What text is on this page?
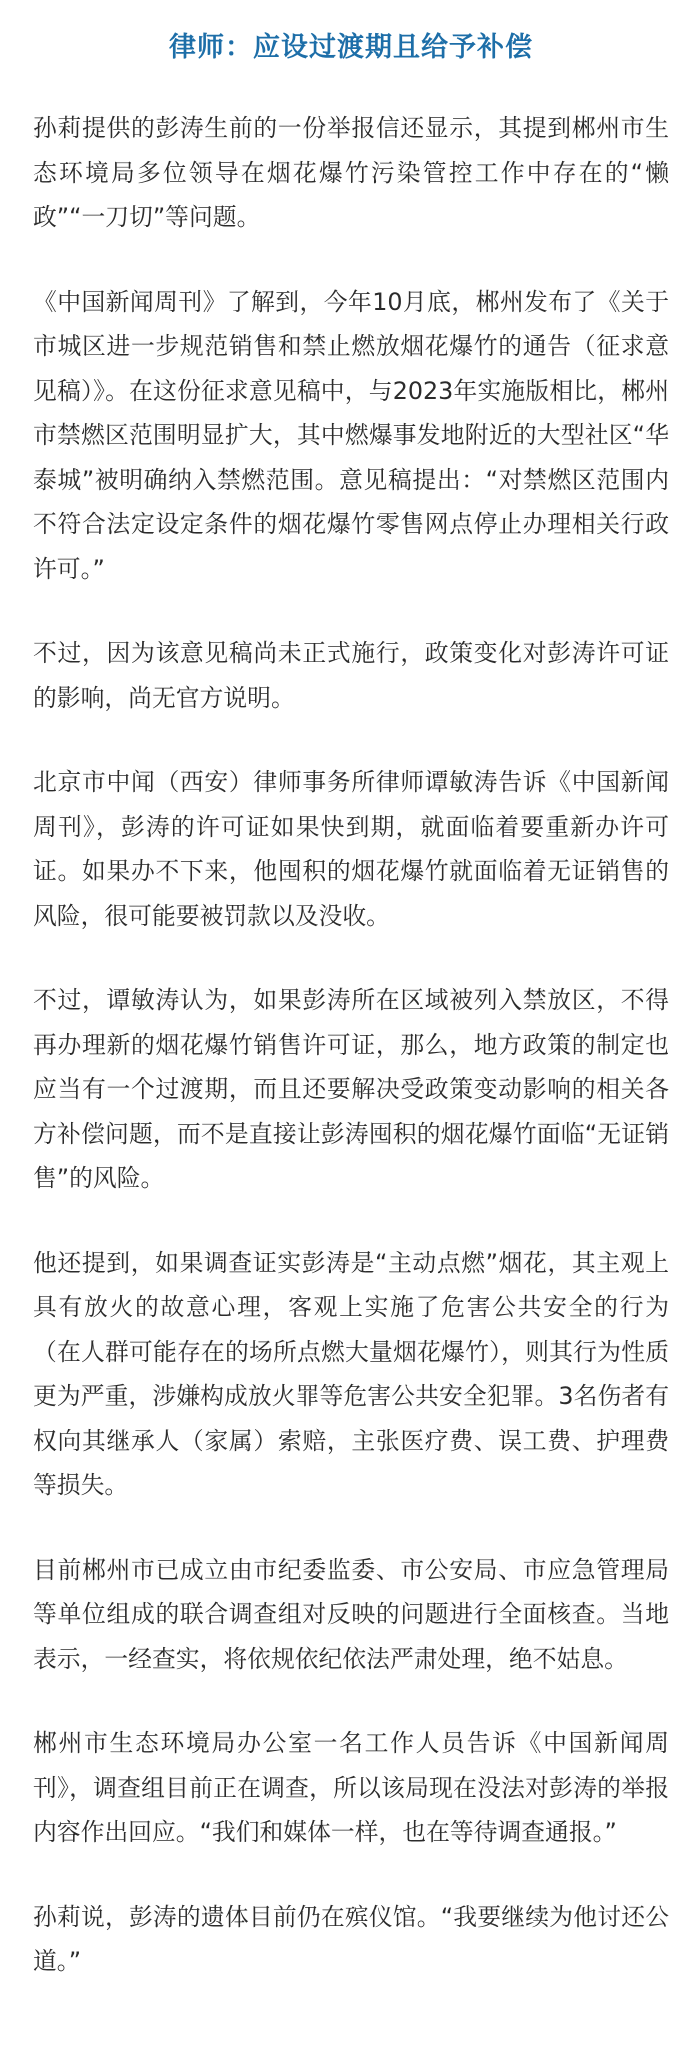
律师：应设过渡期且给予补偿

孙莉提供的彭涛生前的一份举报信还显示，其提到郴州市生态环境局多位领导在烟花爆竹污染管控工作中存在的“懒政”“一刀切”等问题。

《中国新闻周刊》了解到，今年10月底，郴州发布了《关于市城区进一步规范销售和禁止燃放烟花爆竹的通告（征求意见稿）》。在这份征求意见稿中，与2023年实施版相比，郴州市禁燃区范围明显扩大，其中燃爆事发地附近的大型社区“华泰城”被明确纳入禁燃范围。意见稿提出：“对禁燃区范围内不符合法定设定条件的烟花爆竹零售网点停止办理相关行政许可。”

不过，因为该意见稿尚未正式施行，政策变化对彭涛许可证的影响，尚无官方说明。

北京市中闻（西安）律师事务所律师谭敏涛告诉《中国新闻周刊》，彭涛的许可证如果快到期，就面临着要重新办许可证。如果办不下来，他囤积的烟花爆竹就面临着无证销售的风险，很可能要被罚款以及没收。

不过，谭敏涛认为，如果彭涛所在区域被列入禁放区，不得再办理新的烟花爆竹销售许可证，那么，地方政策的制定也应当有一个过渡期，而且还要解决受政策变动影响的相关各方补偿问题，而不是直接让彭涛囤积的烟花爆竹面临“无证销售”的风险。

他还提到，如果调查证实彭涛是“主动点燃”烟花，其主观上具有放火的故意心理，客观上实施了危害公共安全的行为（在人群可能存在的场所点燃大量烟花爆竹），则其行为性质更为严重，涉嫌构成放火罪等危害公共安全犯罪。3名伤者有权向其继承人（家属）索赔，主张医疗费、误工费、护理费等损失。

目前郴州市已成立由市纪委监委、市公安局、市应急管理局等单位组成的联合调查组对反映的问题进行全面核查。当地表示，一经查实，将依规依纪依法严肃处理，绝不姑息。

郴州市生态环境局办公室一名工作人员告诉《中国新闻周刊》，调查组目前正在调查，所以该局现在没法对彭涛的举报内容作出回应。“我们和媒体一样，也在等待调查通报。”

孙莉说，彭涛的遗体目前仍在殡仪馆。“我要继续为他讨还公道。”
